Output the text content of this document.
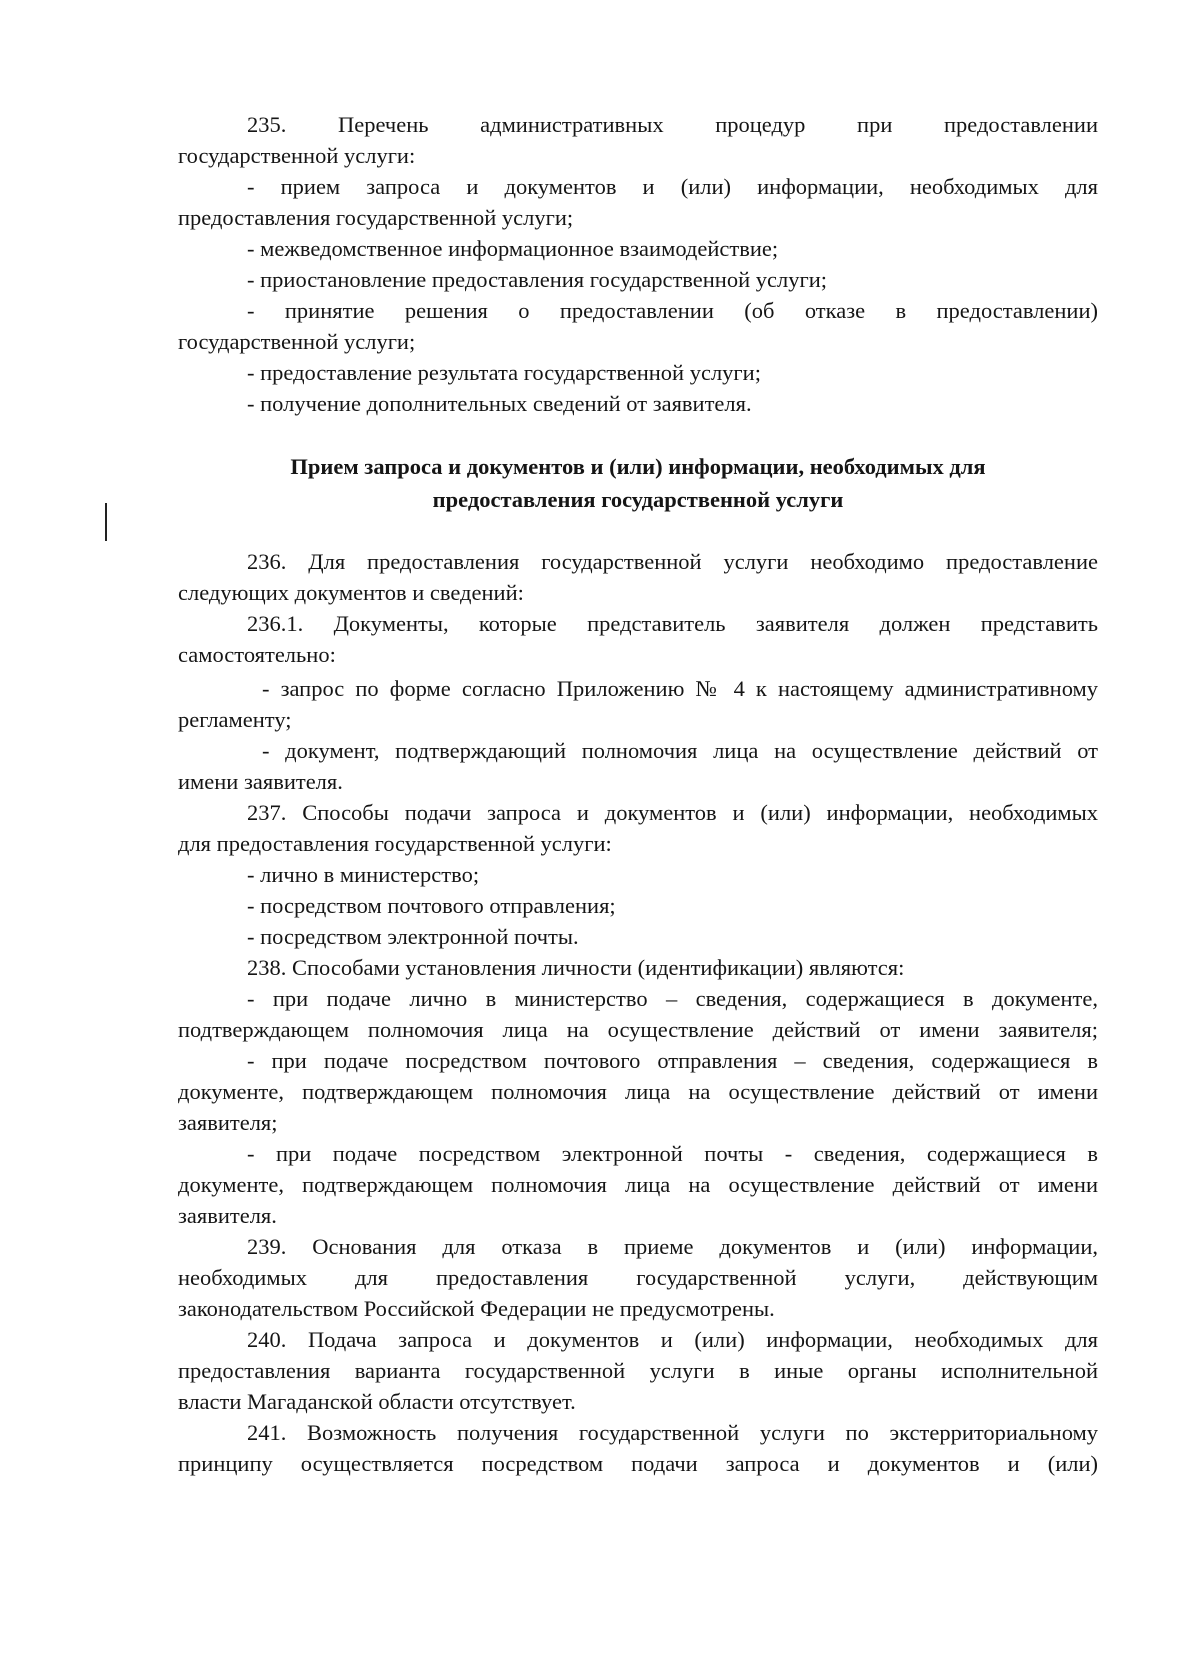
235. Перечень административных процедур при предоставлении

государственной услуги:

- прием запроса и документов и (или) информации, необходимых для

предоставления государственной услуги;

- межведомственное информационное взаимодействие;

- приостановление предоставления государственной услуги;

- принятие решения о предоставлении (об отказе в предоставлении)

государственной услуги;

- предоставление результата государственной услуги;

- получение дополнительных сведений от заявителя.

Прием запроса и документов и (или) информации, необходимых для

предоставления государственной услуги

236. Для предоставления государственной услуги необходимо предоставление

следующих документов и сведений:

236.1. Документы, которые представитель заявителя должен представить

самостоятельно:

- запрос по форме согласно Приложению № 4 к настоящему административному

регламенту;

- документ, подтверждающий полномочия лица на осуществление действий от

имени заявителя.

237. Способы подачи запроса и документов и (или) информации, необходимых

для предоставления государственной услуги:

- лично в министерство;

- посредством почтового отправления;

- посредством электронной почты.

238. Способами установления личности (идентификации) являются:

- при подаче лично в министерство – сведения, содержащиеся в документе,

подтверждающем полномочия лица на осуществление действий от имени заявителя;

- при подаче посредством почтового отправления – сведения, содержащиеся в

документе, подтверждающем полномочия лица на осуществление действий от имени

заявителя;

- при подаче посредством электронной почты - сведения, содержащиеся в

документе, подтверждающем полномочия лица на осуществление действий от имени

заявителя.

239. Основания для отказа в приеме документов и (или) информации,

необходимых для предоставления государственной услуги, действующим

законодательством Российской Федерации не предусмотрены.

240. Подача запроса и документов и (или) информации, необходимых для

предоставления варианта государственной услуги в иные органы исполнительной

власти Магаданской области отсутствует.

241. Возможность получения государственной услуги по экстерриториальному

принципу осуществляется посредством подачи запроса и документов и (или)
